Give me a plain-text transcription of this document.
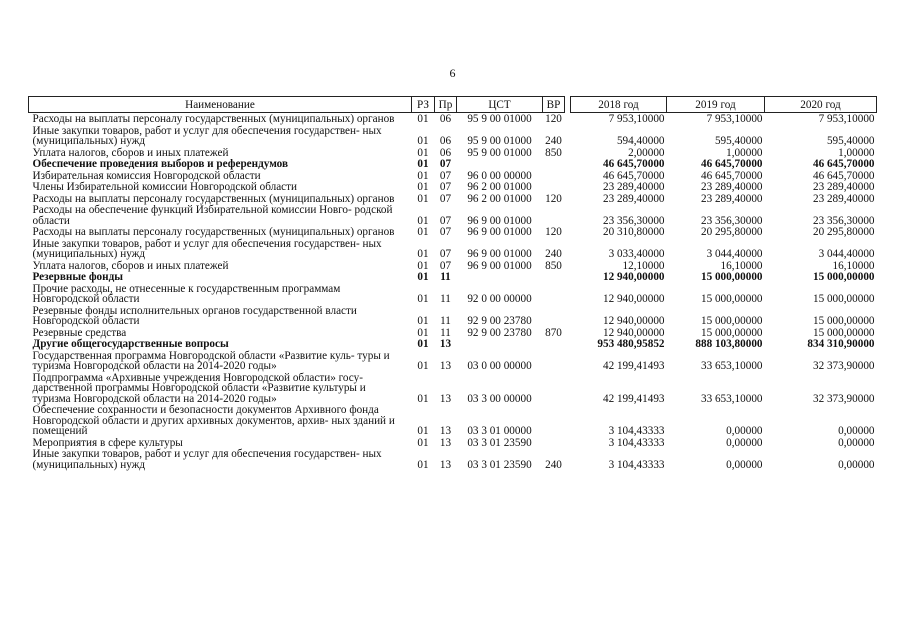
6
Наименование	РЗ	Пр	ЦСТ	ВР		2018 год	2019 год	2020 год
Расходы на выплаты персоналу государственных (муниципальных) органов	01	06	95 9 00 01000	120		7 953,10000	7 953,10000	7 953,10000
Иные закупки товаров, работ и услуг для обеспечения государствен- ных (муниципальных) нужд	01	06	95 9 00 01000	240		594,40000	595,40000	595,40000
Уплата налогов, сборов и иных платежей	01	06	95 9 00 01000	850		2,00000	1,00000	1,00000
Обеспечение проведения выборов и референдумов	01	07				46 645,70000	46 645,70000	46 645,70000
Избирательная комиссия Новгородской области	01	07	96 0 00 00000			46 645,70000	46 645,70000	46 645,70000
Члены Избирательной комиссии Новгородской области	01	07	96 2 00 01000			23 289,40000	23 289,40000	23 289,40000
Расходы на выплаты персоналу государственных (муниципальных) органов	01	07	96 2 00 01000	120		23 289,40000	23 289,40000	23 289,40000
Расходы на обеспечение функций Избирательной комиссии Новго- родской области	01	07	96 9 00 01000			23 356,30000	23 356,30000	23 356,30000
Расходы на выплаты персоналу государственных (муниципальных) органов	01	07	96 9 00 01000	120		20 310,80000	20 295,80000	20 295,80000
Иные закупки товаров, работ и услуг для обеспечения государствен- ных (муниципальных) нужд	01	07	96 9 00 01000	240		3 033,40000	3 044,40000	3 044,40000
Уплата налогов, сборов и иных платежей	01	07	96 9 00 01000	850		12,10000	16,10000	16,10000
Резервные фонды	01	11				12 940,00000	15 000,00000	15 000,00000
Прочие расходы, не отнесенные к государственным программам Новгородской области	01	11	92 0 00 00000			12 940,00000	15 000,00000	15 000,00000
Резервные фонды исполнительных органов государственной власти Новгородской области	01	11	92 9 00 23780			12 940,00000	15 000,00000	15 000,00000
Резервные средства	01	11	92 9 00 23780	870		12 940,00000	15 000,00000	15 000,00000
Другие общегосударственные вопросы	01	13				953 480,95852	888 103,80000	834 310,90000
Государственная программа Новгородской области «Развитие куль- туры и туризма Новгородской области на 2014-2020 годы»	01	13	03 0 00 00000			42 199,41493	33 653,10000	32 373,90000
Подпрограмма «Архивные учреждения Новгородской области» госу- дарственной программы Новгородской области «Развитие культуры и туризма Новгородской области на 2014-2020 годы»	01	13	03 3 00 00000			42 199,41493	33 653,10000	32 373,90000
Обеспечение сохранности и безопасности документов Архивного фонда Новгородской области и других архивных документов, архив- ных зданий и помещений	01	13	03 3 01 00000			3 104,43333	0,00000	0,00000
Мероприятия в сфере культуры	01	13	03 3 01 23590			3 104,43333	0,00000	0,00000
Иные закупки товаров, работ и услуг для обеспечения государствен- ных (муниципальных) нужд	01	13	03 3 01 23590	240		3 104,43333	0,00000	0,00000
